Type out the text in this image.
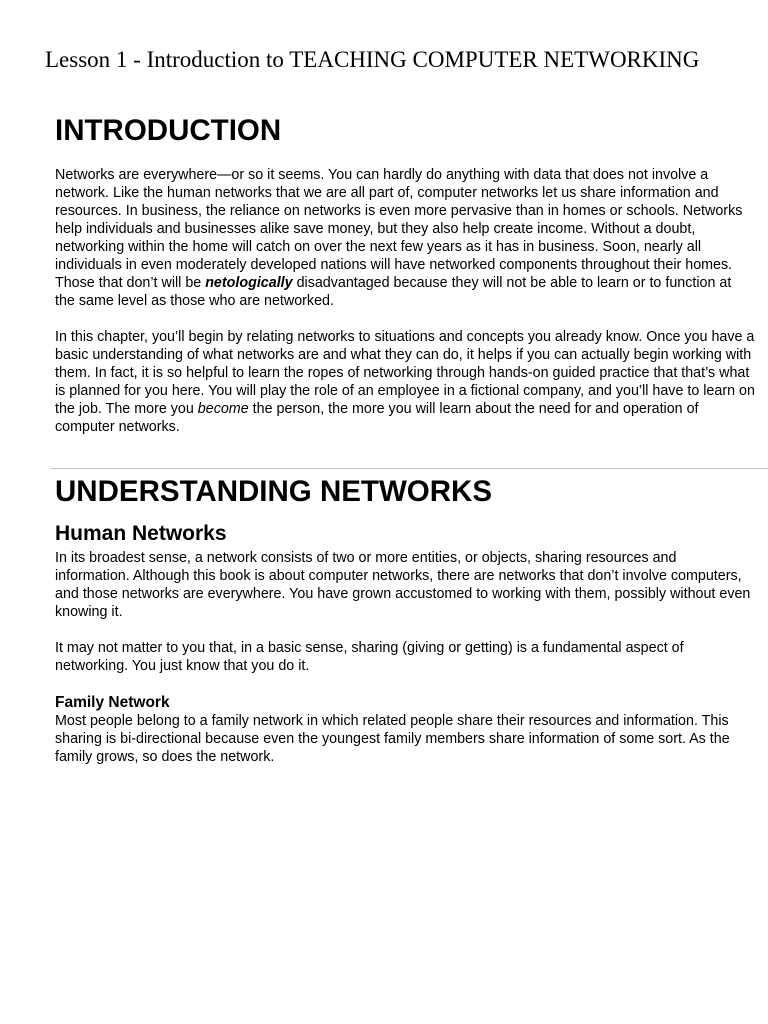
Lesson 1 - Introduction to TEACHING COMPUTER NETWORKING
INTRODUCTION

Networks are everywhere—or so it seems. You can hardly do anything with data that does not involve a network. Like the human networks that we are all part of, computer networks let us share information and resources. In business, the reliance on networks is even more pervasive than in homes or schools. Networks help individuals and businesses alike save money, but they also help create income. Without a doubt, networking within the home will catch on over the next few years as it has in business. Soon, nearly all individuals in even moderately developed nations will have networked components throughout their homes. Those that don’t will be netologically disadvantaged because they will not be able to learn or to function at the same level as those who are networked.

In this chapter, you’ll begin by relating networks to situations and concepts you already know. Once you have a basic understanding of what networks are and what they can do, it helps if you can actually begin working with them. In fact, it is so helpful to learn the ropes of networking through hands-on guided practice that that’s what is planned for you here. You will play the role of an employee in a fictional company, and you’ll have to learn on the job. The more you become the person, the more you will learn about the need for and operation of computer networks.

UNDERSTANDING NETWORKS
Human Networks

In its broadest sense, a network consists of two or more entities, or objects, sharing resources and information. Although this book is about computer networks, there are networks that don’t involve computers, and those networks are everywhere. You have grown accustomed to working with them, possibly without even knowing it.

It may not matter to you that, in a basic sense, sharing (giving or getting) is a fundamental aspect of networking. You just know that you do it.

Family Network

Most people belong to a family network in which related people share their resources and information. This sharing is bi-directional because even the youngest family members share information of some sort. As the family grows, so does the network.
